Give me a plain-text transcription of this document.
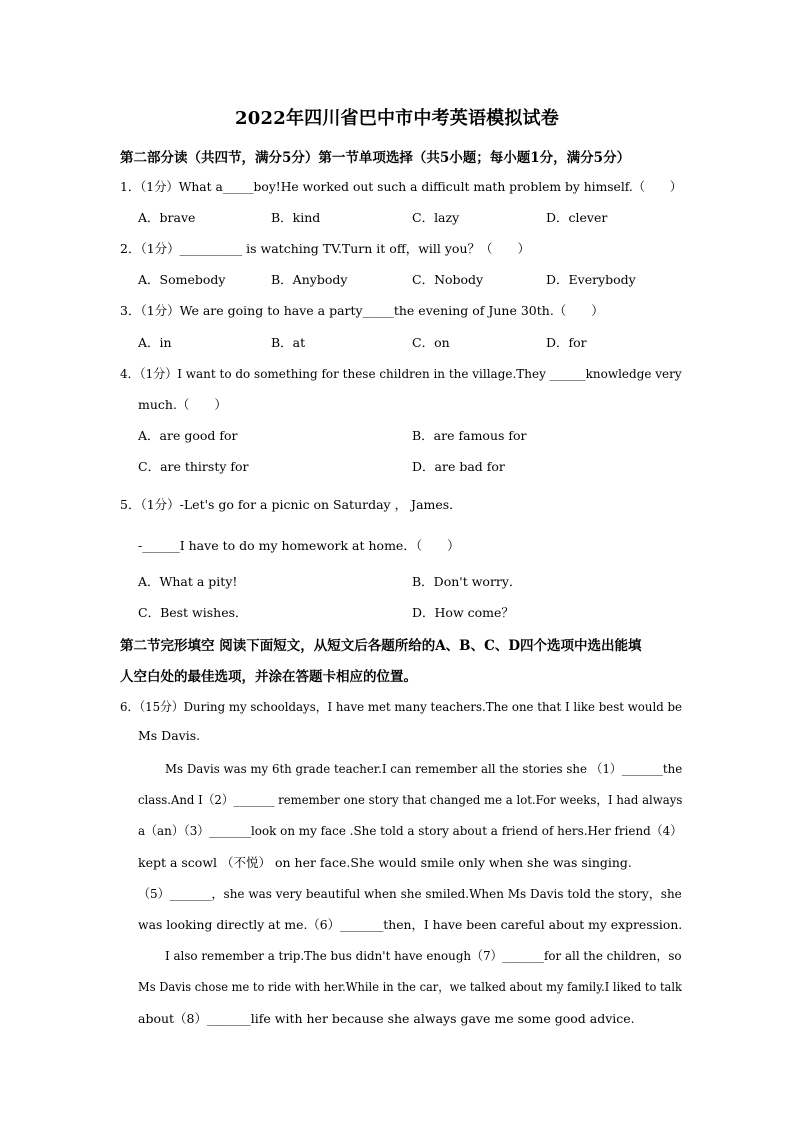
2022年四川省巴中市中考英语模拟试卷
第二部分读（共四节，满分5分）第一节单项选择（共5小题；每小题1分，满分5分）
1．（1分）What a_____boy!He worked out such a difficult math problem by himself.（　　）
A．brave	B．kind	C．lazy	D．clever
2．（1分）__________ is watching TV.Turn it off，will you？（　　）
A．Somebody	B．Anybody	C．Nobody	D．Everybody
3．（1分）We are going to have a party_____the evening of June 30th.（　　）
A．in	B．at	C．on	D．for
4．（1分）I want to do something for these children in the village.They ______knowledge very
much.（　　）
A．are good for	B．are famous for
C．are thirsty for	D．are bad for
5．（1分）-Let's go for a picnic on Saturday ， James．
-______I have to do my homework at home．（　　）
A．What a pity!	B．Don't worry．
C．Best wishes．	D．How come？
第二节完形填空 阅读下面短文，从短文后各题所给的A、B、C、D四个选项中选出能填
人空白处的最佳选项，并涂在答题卡相应的位置。
6．（15分）During my schooldays，I have met many teachers.The one that I like best would be
Ms Davis.
Ms Davis was my 6th grade teacher.I can remember all the stories she （1）_______the
class.And I（2）_______ remember one story that changed me a lot.For weeks，I had always
a（an）（3）_______look on my face .She told a story about a friend of hers.Her friend（4）
kept a scowl （不悦） on her face.She would smile only when she was singing.
（5）_______，she was very beautiful when she smiled.When Ms Davis told the story，she
was looking directly at me.（6）_______then，I have been careful about my expression.
I also remember a trip.The bus didn't have enough（7）_______for all the children，so
Ms Davis chose me to ride with her.While in the car，we talked about my family.I liked to talk
about（8）_______life with her because she always gave me some good advice.
